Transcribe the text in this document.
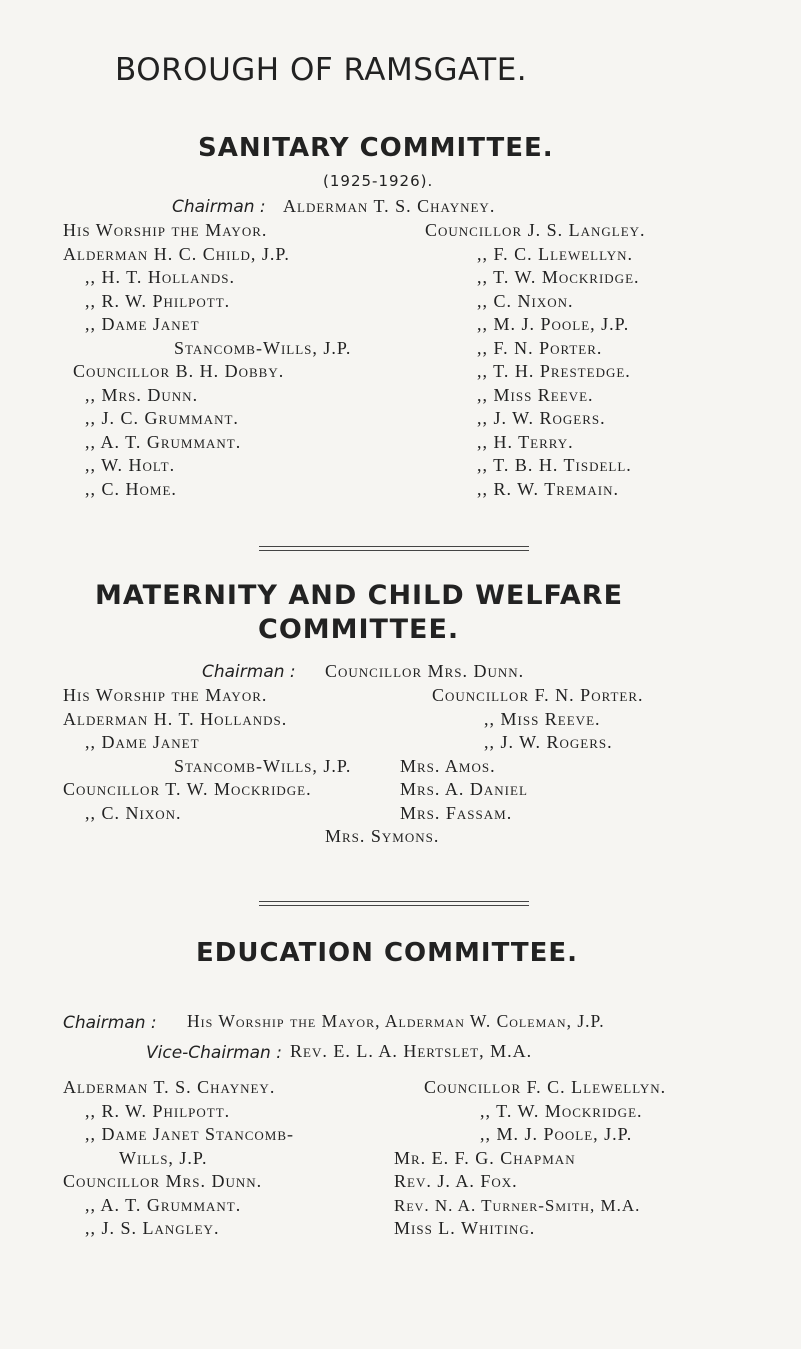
BOROUGH OF RAMSGATE.
SANITARY COMMITTEE.
(1925-1926).
Chairman : Alderman T. S. Chayney.
His Worship the Mayor.
Alderman H. C. Child, J.P.
,, H. T. Hollands.
,, R. W. Philpott.
,, Dame Janet
Stancomb-Wills, J.P.
Councillor B. H. Dobby.
,, Mrs. Dunn.
,, J. C. Grummant.
,, A. T. Grummant.
,, W. Holt.
,, C. Home.
Councillor J. S. Langley.
,, F. C. Llewellyn.
,, T. W. Mockridge.
,, C. Nixon.
,, M. J. Poole, J.P.
,, F. N. Porter.
,, T. H. Prestedge.
,, Miss Reeve.
,, J. W. Rogers.
,, H. Terry.
,, T. B. H. Tisdell.
,, R. W. Tremain.
MATERNITY AND CHILD WELFARE
COMMITTEE.
Chairman : Councillor Mrs. Dunn.
His Worship the Mayor.
Alderman H. T. Hollands.
,, Dame Janet
Stancomb-Wills, J.P.
Councillor T. W. Mockridge.
,, C. Nixon.
Councillor F. N. Porter.
,, Miss Reeve.
,, J. W. Rogers.
Mrs. Amos.
Mrs. A. Daniel
Mrs. Fassam.
Mrs. Symons.
EDUCATION COMMITTEE.
Chairman : His Worship the Mayor, Alderman W. Coleman, J.P.
Vice-Chairman : Rev. E. L. A. Hertslet, M.A.
Alderman T. S. Chayney.
,, R. W. Philpott.
,, Dame Janet Stancomb-
Wills, J.P.
Councillor Mrs. Dunn.
,, A. T. Grummant.
,, J. S. Langley.
Councillor F. C. Llewellyn.
,, T. W. Mockridge.
,, M. J. Poole, J.P.
Mr. E. F. G. Chapman
Rev. J. A. Fox.
Rev. N. A. Turner-Smith, M.A.
Miss L. Whiting.
